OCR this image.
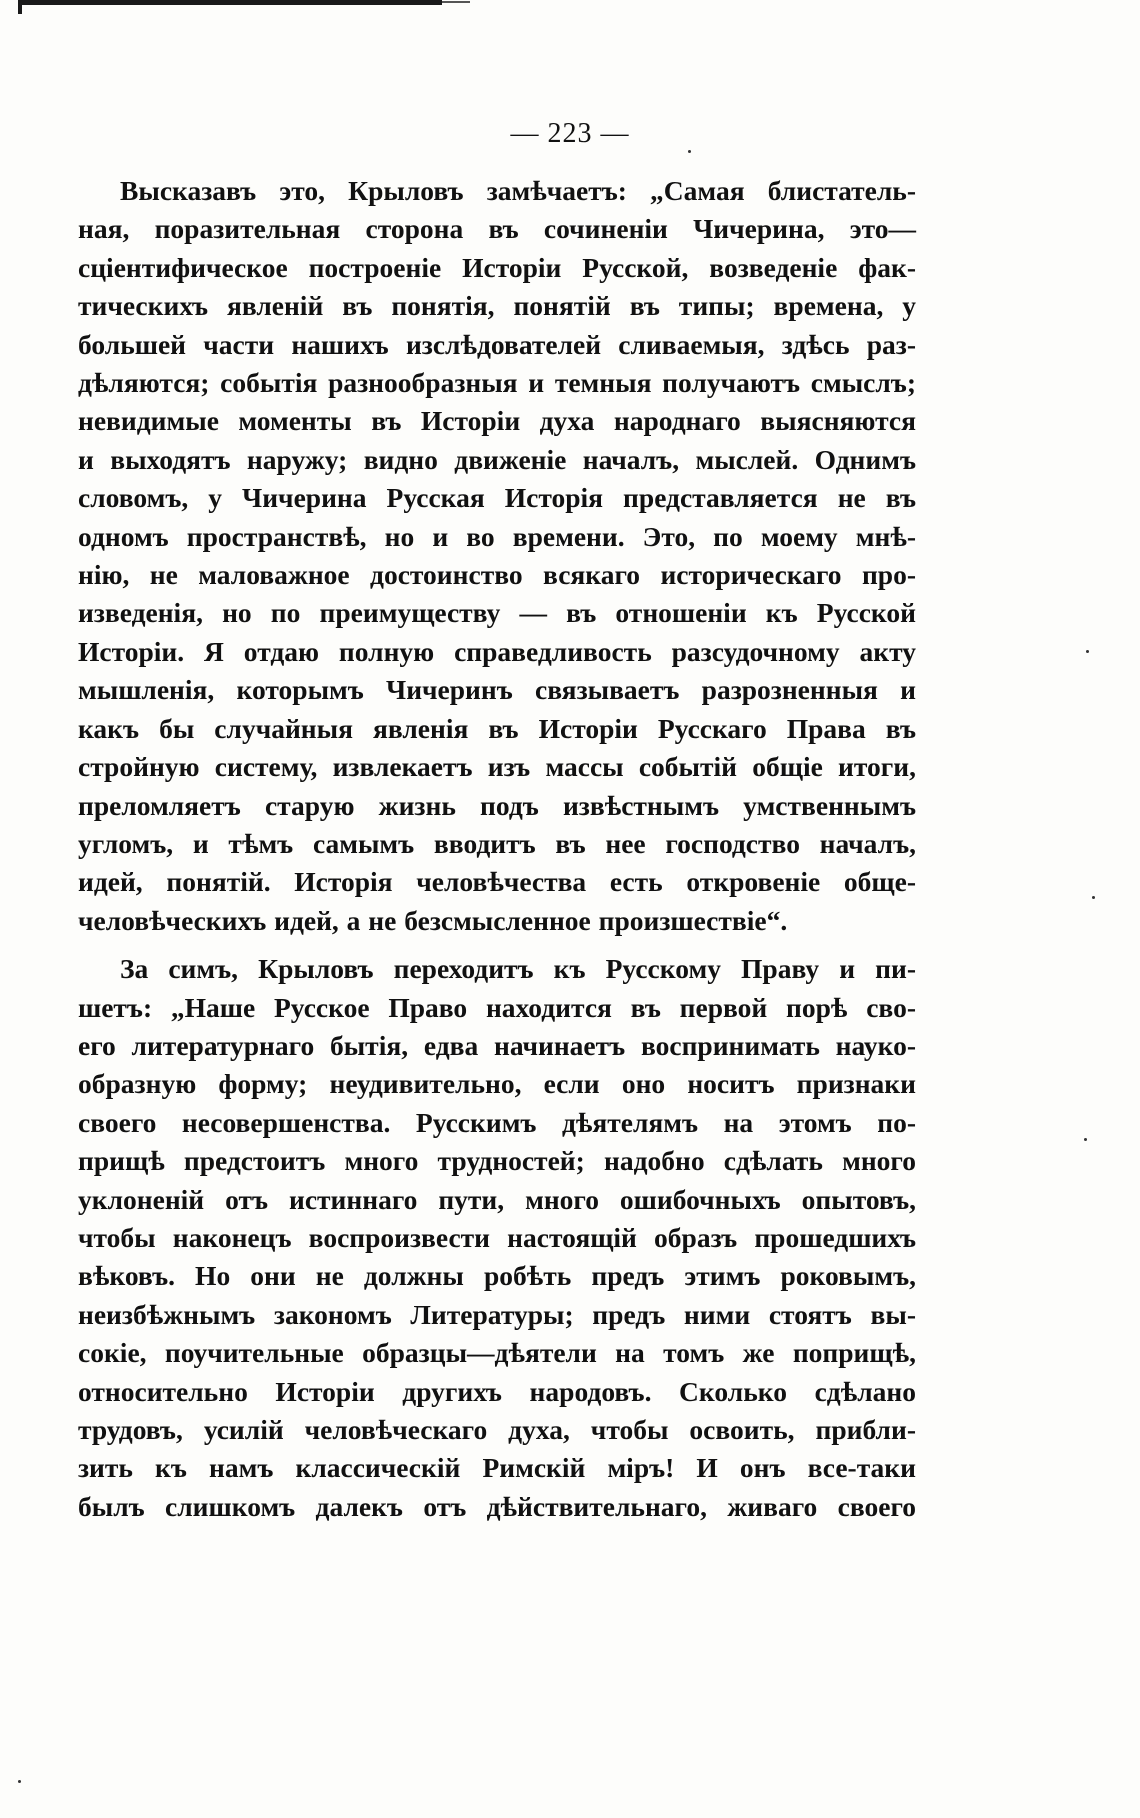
— 223 —

Высказавъ это, Крыловъ замѣчаетъ: „Самая блистатель-
ная, поразительная сторона въ сочиненіи Чичерина, это—
сціентифическое построеніе Исторіи Русской, возведеніе фак-
тическихъ явленій въ понятія, понятій въ типы; времена, у
большей части нашихъ изслѣдователей сливаемыя, здѣсь раз-
дѣляются; событія разнообразныя и темныя получаютъ смыслъ;
невидимые моменты въ Исторіи духа народнаго выясняются
и выходятъ наружу; видно движеніе началъ, мыслей. Однимъ
словомъ, у Чичерина Русская Исторія представляется не въ
одномъ пространствѣ, но и во времени. Это, по моему мнѣ-
нію, не маловажное достоинство всякаго историческаго про-
изведенія, но по преимуществу — въ отношеніи къ Русской
Исторіи. Я отдаю полную справедливость разсудочному акту
мышленія, которымъ Чичеринъ связываетъ разрозненныя и
какъ бы случайныя явленія въ Исторіи Русскаго Права въ
стройную систему, извлекаетъ изъ массы событій общіе итоги,
преломляетъ старую жизнь подъ извѣстнымъ умственнымъ
угломъ, и тѣмъ самымъ вводитъ въ нее господство началъ,
идей, понятій. Исторія человѣчества есть откровеніе обще-
человѣческихъ идей, а не безсмысленное произшествіе“.

За симъ, Крыловъ переходитъ къ Русскому Праву и пи-
шетъ: „Наше Русское Право находится въ первой порѣ сво-
его литературнаго бытія, едва начинаетъ воспринимать науко-
образную форму; неудивительно, если оно носитъ признаки
своего несовершенства. Русскимъ дѣятелямъ на этомъ по-
прищѣ предстоитъ много трудностей; надобно сдѣлать много
уклоненій отъ истиннаго пути, много ошибочныхъ опытовъ,
чтобы наконецъ воспроизвести настоящій образъ прошедшихъ
вѣковъ. Но они не должны робѣть предъ этимъ роковымъ,
неизбѣжнымъ закономъ Литературы; предъ ними стоятъ вы-
сокіе, поучительные образцы—дѣятели на томъ же поприщѣ,
относительно Исторіи другихъ народовъ. Сколько сдѣлано
трудовъ, усилій человѣческаго духа, чтобы освоить, прибли-
зить къ намъ классическій Римскій міръ! И онъ все-таки
былъ слишкомъ далекъ отъ дѣйствительнаго, живаго своего
